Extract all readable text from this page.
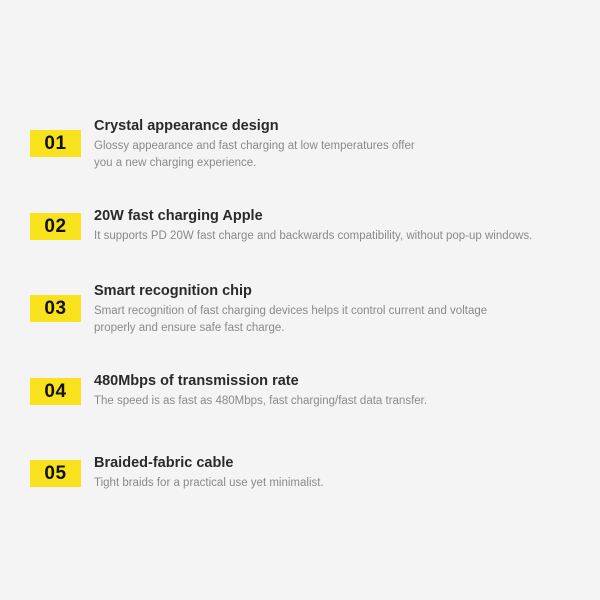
01
Crystal appearance design
Glossy appearance and fast charging at low temperatures offer
you a new charging experience.
02	20W fast charging Apple
It supports PD 20W fast charge and backwards compatibility, without pop-up windows.
03
Smart recognition chip
Smart recognition of fast charging devices helps it control current and voltage
properly and ensure safe fast charge.
04	480Mbps of transmission rate
The speed is as fast as 480Mbps, fast charging/fast data transfer.
05	Braided-fabric cable
Tight braids for a practical use yet minimalist.
